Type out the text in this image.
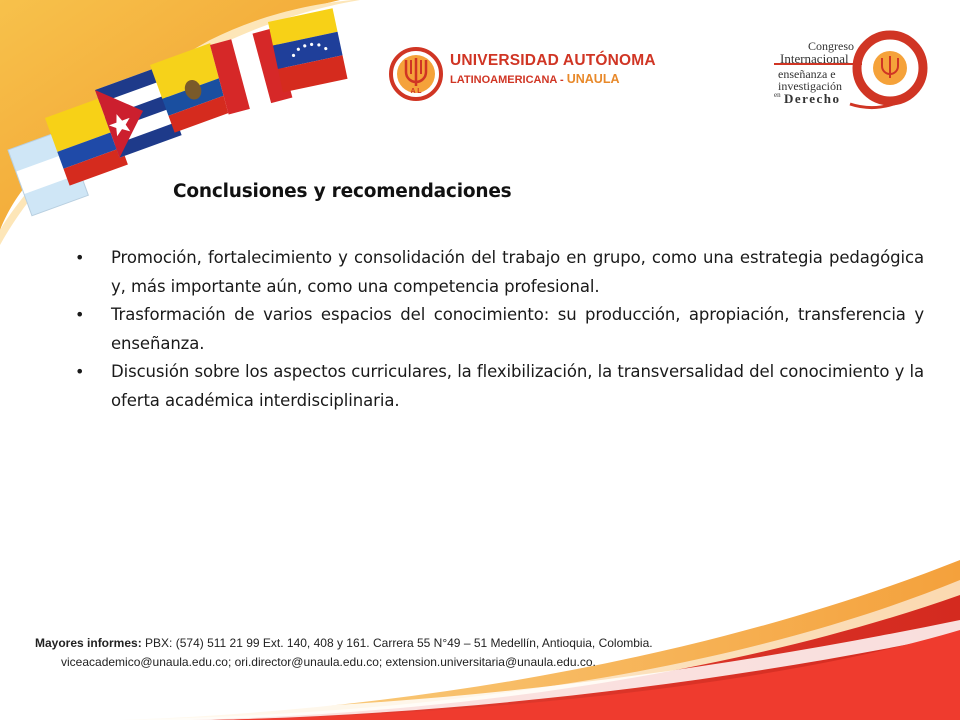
A L
UNIVERSIDAD AUTÓNOMA
LATINOAMERICANA - UNAULA
Congreso
Internacional
enseñanza e
investigación
en Derecho
Conclusiones y recomendaciones
• Promoción, fortalecimiento y consolidación del trabajo en grupo, como una estrategia pedagógica y, más importante aún, como una competencia profesional.
• Trasformación de varios espacios del conocimiento: su producción, apropiación, transferencia y enseñanza.
• Discusión sobre los aspectos curriculares, la flexibilización, la transversalidad del conocimiento y la oferta académica interdisciplinaria.
Mayores informes: PBX: (574) 511 21 99 Ext. 140, 408 y 161. Carrera 55 N°49 – 51 Medellín, Antioquia, Colombia.
viceacademico@unaula.edu.co; ori.director@unaula.edu.co; extension.universitaria@unaula.edu.co.
